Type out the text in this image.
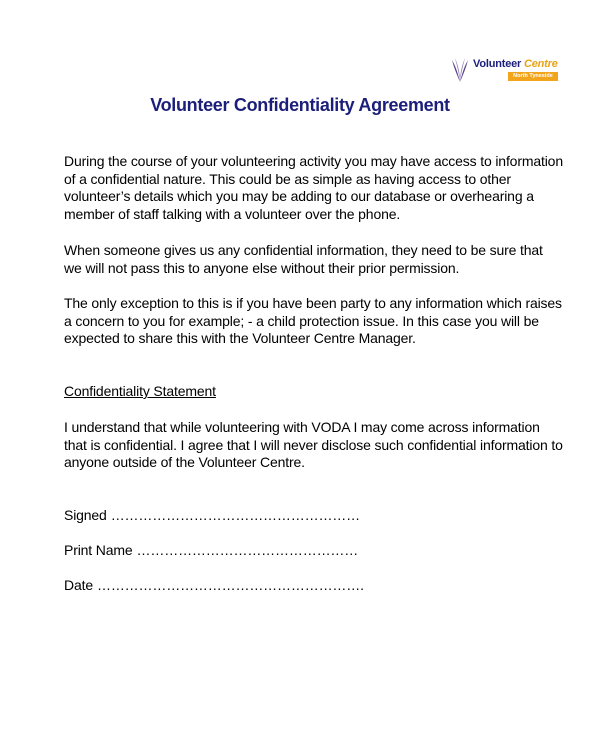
Volunteer Centre
North Tyneside
Volunteer Confidentiality Agreement

During the course of your volunteering activity you may have access to information of a confidential nature. This could be as simple as having access to other volunteer’s details which you may be adding to our database or overhearing a member of staff talking with a volunteer over the phone.

When someone gives us any confidential information, they need to be sure that we will not pass this to anyone else without their prior permission.

The only exception to this is if you have been party to any information which raises a concern to you for example; - a child protection issue. In this case you will be expected to share this with the Volunteer Centre Manager.

Confidentiality Statement

I understand that while volunteering with VODA I may come across information that is confidential. I agree that I will never disclose such confidential information to anyone outside of the Volunteer Centre.

Signed ………………………………………………
Print Name …………………………………………
Date ………………………………………………….
